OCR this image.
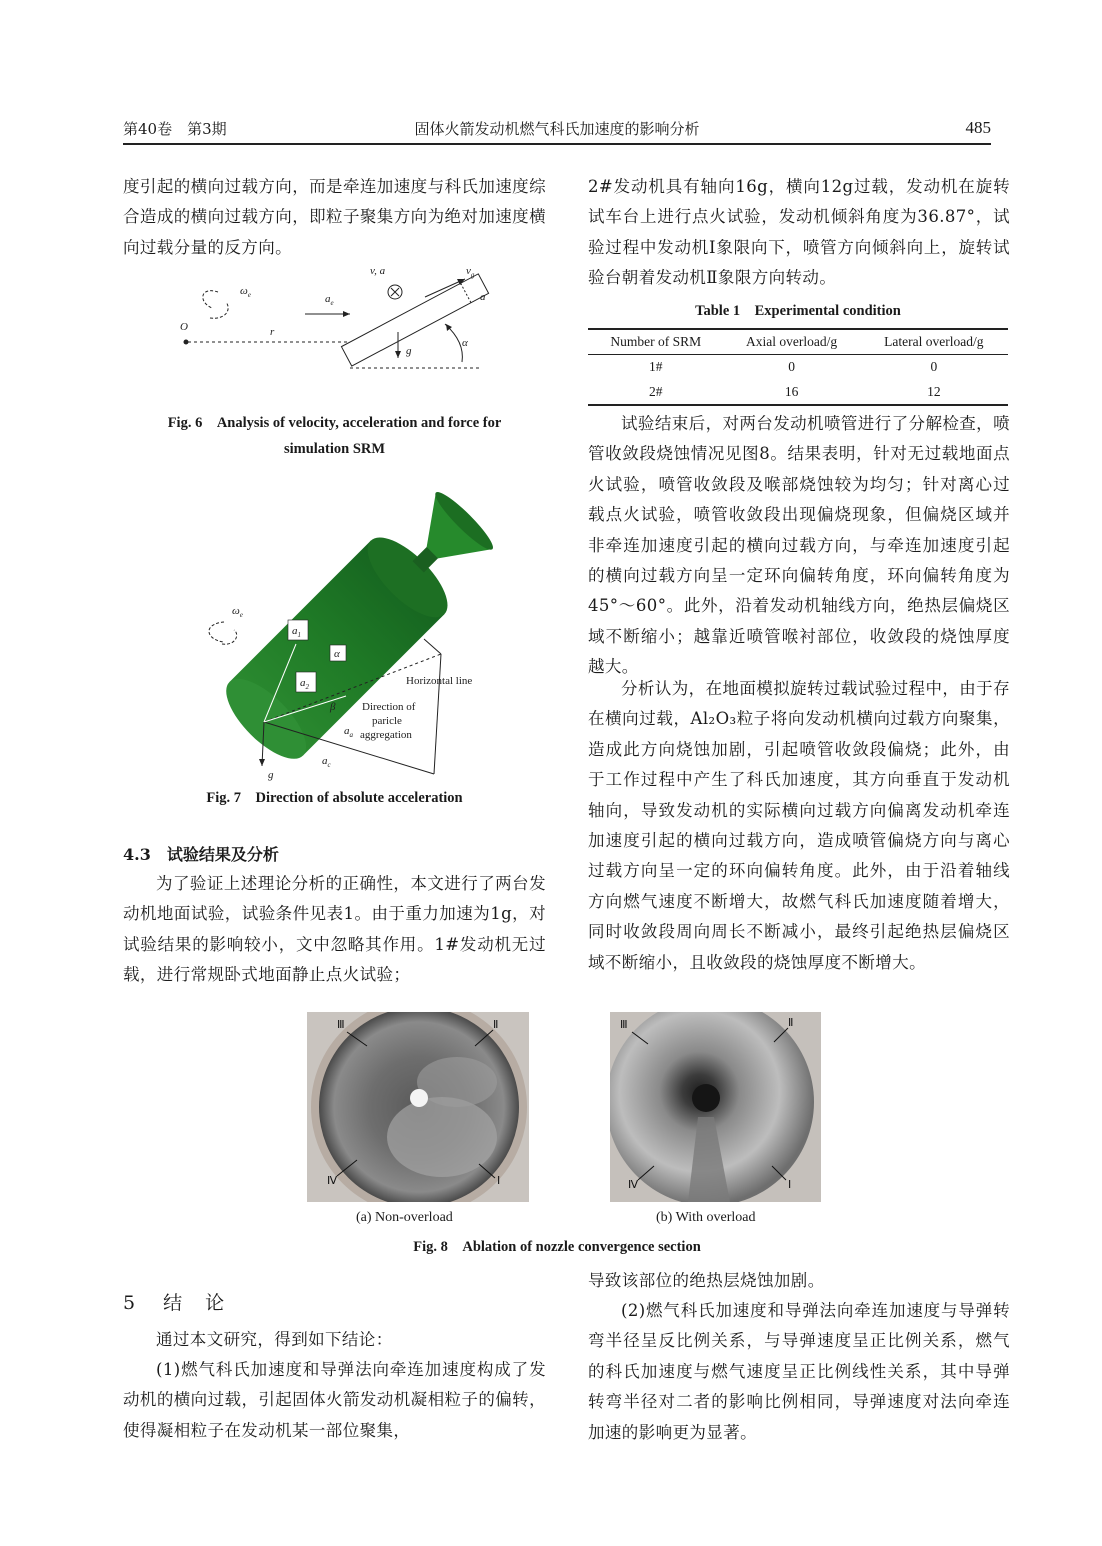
第40卷　第3期	固体火箭发动机燃气科氏加速度的影响分析	485

度引起的横向过载方向，而是牵连加速度与科氏加速度综合造成的横向过载方向，即粒子聚集方向为绝对加速度横向过载分量的反方向。

$\omega_e$
O	r
$a_e$
$v_g$
a
v, a
g
α
Fig. 6　Analysis of velocity, acceleration and force for
simulation SRM
$\omega_e$
$a_1$
α
$a_2$
g
Horizontal line
Direction of
paricle
aggregation
β
$a_a$
$a_c$
Fig. 7　Direction of absolute acceleration
4.3　试验结果及分析

为了验证上述理论分析的正确性，本文进行了两台发动机地面试验，试验条件见表1。由于重力加速为1g，对试验结果的影响较小，文中忽略其作用。1#发动机无过载，进行常规卧式地面静止点火试验；

2#发动机具有轴向16g，横向12g过载，发动机在旋转试车台上进行点火试验，发动机倾斜角度为36.87°，试验过程中发动机Ⅰ象限向下，喷管方向倾斜向上，旋转试验台朝着发动机Ⅱ象限方向转动。

Table 1　Experimental condition
Number of SRM	Axial overload/g	Lateral overload/g
1#	0	0
2#	16	12

试验结束后，对两台发动机喷管进行了分解检查，喷管收敛段烧蚀情况见图8。结果表明，针对无过载地面点火试验，喷管收敛段及喉部烧蚀较为均匀；针对离心过载点火试验，喷管收敛段出现偏烧现象，但偏烧区域并非牵连加速度引起的横向过载方向，与牵连加速度引起的横向过载方向呈一定环向偏转角度，环向偏转角度为45°～60°。此外，沿着发动机轴线方向，绝热层偏烧区域不断缩小；越靠近喷管喉衬部位，收敛段的烧蚀厚度越大。

分析认为，在地面模拟旋转过载试验过程中，由于存在横向过载，Al₂O₃粒子将向发动机横向过载方向聚集，造成此方向烧蚀加剧，引起喷管收敛段偏烧；此外，由于工作过程中产生了科氏加速度，其方向垂直于发动机轴向，导致发动机的实际横向过载方向偏离发动机牵连加速度引起的横向过载方向，造成喷管偏烧方向与离心过载方向呈一定的环向偏转角度。此外，由于沿着轴线方向燃气速度不断增大，故燃气科氏加速度随着增大，同时收敛段周向周长不断减小，最终引起绝热层偏烧区域不断缩小，且收敛段的烧蚀厚度不断增大。

Ⅲ	Ⅱ
Ⅳ	Ⅰ
Ⅲ	Ⅱ
Ⅳ	Ⅰ
(a) Non-overload	(b) With overload
Fig. 8　Ablation of nozzle convergence section
5 结　论

通过本文研究，得到如下结论：

(1)燃气科氏加速度和导弹法向牵连加速度构成了发动机的横向过载，引起固体火箭发动机凝相粒子的偏转，使得凝相粒子在发动机某一部位聚集，

导致该部位的绝热层烧蚀加剧。

(2)燃气科氏加速度和导弹法向牵连加速度与导弹转弯半径呈反比例关系，与导弹速度呈正比例关系，燃气的科氏加速度与燃气速度呈正比例线性关系，其中导弹转弯半径对二者的影响比例相同，导弹速度对法向牵连加速的影响更为显著。
